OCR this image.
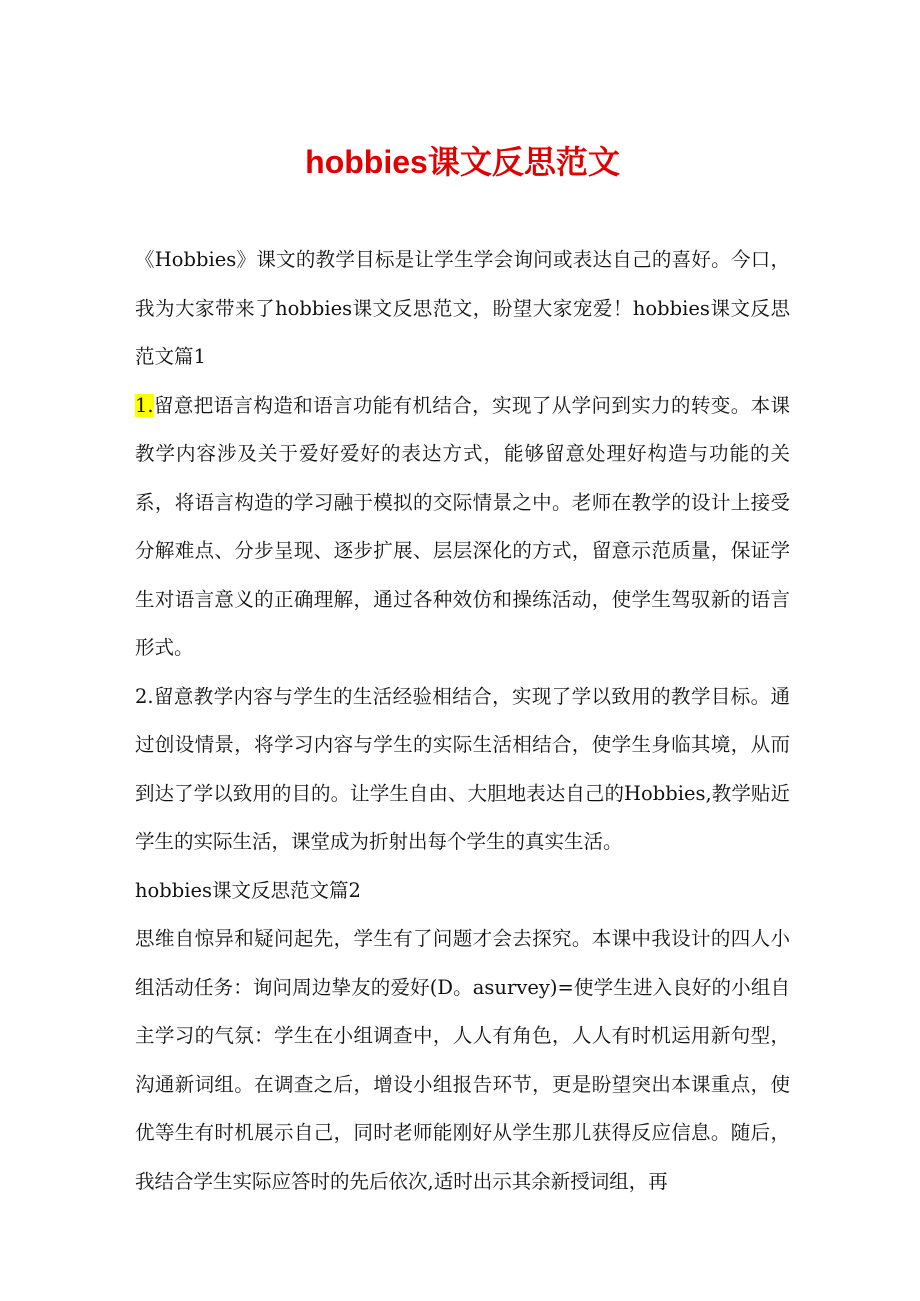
hobbies课文反思范文

《Hobbies》课文的教学目标是让学生学会询问或表达自己的喜好。今口，我为大家带来了hobbies课文反思范文，盼望大家宠爱！hobbies课文反思范文篇1

1.留意把语言构造和语言功能有机结合，实现了从学问到实力的转变。本课教学内容涉及关于爱好爱好的表达方式，能够留意处理好构造与功能的关系，将语言构造的学习融于模拟的交际情景之中。老师在教学的设计上接受分解难点、分步呈现、逐步扩展、层层深化的方式，留意示范质量，保证学生对语言意义的正确理解，通过各种效仿和操练活动，使学生驾驭新的语言形式。

2.留意教学内容与学生的生活经验相结合，实现了学以致用的教学目标。通过创设情景，将学习内容与学生的实际生活相结合，使学生身临其境，从而到达了学以致用的目的。让学生自由、大胆地表达自己的Hobbies,教学贴近学生的实际生活，课堂成为折射出每个学生的真实生活。

hobbies课文反思范文篇2

思维自惊异和疑问起先，学生有了问题才会去探究。本课中我设计的四人小组活动任务：询问周边挚友的爱好(D。asurvey)=使学生进入良好的小组自主学习的气氛：学生在小组调查中，人人有角色，人人有时机运用新句型，沟通新词组。在调查之后，增设小组报告环节，更是盼望突出本课重点，使优等生有时机展示自己，同时老师能刚好从学生那儿获得反应信息。随后，我结合学生实际应答时的先后依次,适时出示其余新授词组，再
